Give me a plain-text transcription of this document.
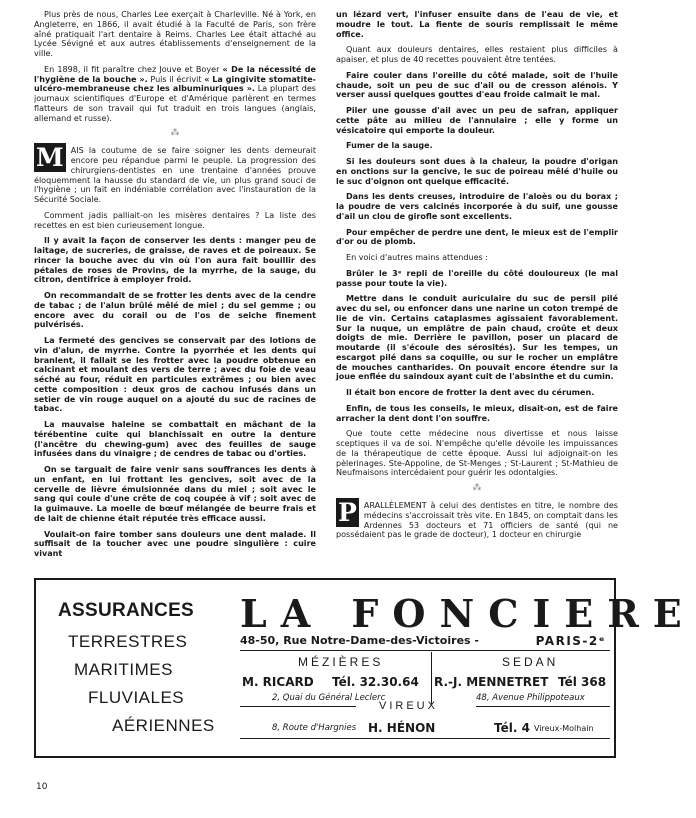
Plus près de nous, Charles Lee exerçait à Charleville. Né à York, en Angleterre, en 1866, il avait étudié à la Faculté de Paris, son frère aîné pratiquait l'art dentaire à Reims. Charles Lee était attaché au Lycée Sévigné et aux autres établissements d'enseignement de la ville.

En 1898, il fit paraître chez Jouve et Boyer « De la nécessité de l'hygiène de la bouche ». Puis il écrivit « La gingivite stomatite-ulcéro-membraneuse chez les albuminuriques ». La plupart des journaux scientifiques d'Europe et d'Amérique parlèrent en termes flatteurs de son travail qui fut traduit en trois langues (anglais, allemand et russe).

⁂

M AIS la coutume de se faire soigner les dents demeurait encore peu répandue parmi le peuple. La progression des chirurgiens-dentistes en une trentaine d'années prouve éloquemment la hausse du standard de vie, un plus grand souci de l'hygiène ; un fait en indéniable corrélation avec l'instauration de la Sécurité Sociale.

Comment jadis palliait-on les misères dentaires ? La liste des recettes en est bien curieusement longue.

Il y avait la façon de conserver les dents : manger peu de laitage, de sucreries, de graisse, de raves et de poireaux. Se rincer la bouche avec du vin où l'on aura fait bouillir des pétales de roses de Provins, de la myrrhe, de la sauge, du citron, dentifrice à employer froid.

On recommandait de se frotter les dents avec de la cendre de tabac ; de l'alun brûlé mêlé de miel ; du sel gemme ; ou encore avec du corail ou de l'os de seiche finement pulvérisés.

La fermeté des gencives se conservait par des lotions de vin d'alun, de myrrhe. Contre la pyorrhée et les dents qui branlent, il fallait se les frotter avec la poudre obtenue en calcinant et moulant des vers de terre ; avec du foie de veau séché au four, réduit en particules extrêmes ; ou bien avec cette composition : deux gros de cachou infusés dans un setier de vin rouge auquel on a ajouté du suc de racines de tabac.

La mauvaise haleine se combattait en mâchant de la térébentine cuite qui blanchissait en outre la denture (l'ancêtre du chewing-gum) avec des feuilles de sauge infusées dans du vinaigre ; de cendres de tabac ou d'orties.

On se targuait de faire venir sans souffrances les dents à un enfant, en lui frottant les gencives, soit avec de la cervelle de lièvre émulsionnée dans du miel ; soit avec le sang qui coule d'une crête de coq coupée à vif ; soit avec de la guimauve. La moelle de bœuf mélangée de beurre frais et de lait de chienne était réputée très efficace aussi.

Voulait-on faire tomber sans douleurs une dent malade. Il suffisait de la toucher avec une poudre singulière : cuire vivant

un lézard vert, l'infuser ensuite dans de l'eau de vie, et moudre le tout. La fiente de souris remplissait le même office.

Quant aux douleurs dentaires, elles restaient plus difficiles à apaiser, et plus de 40 recettes pouvaient être tentées.

Faire couler dans l'oreille du côté malade, soit de l'huile chaude, soit un peu de suc d'ail ou de cresson alénois. Y verser aussi quelques gouttes d'eau froide calmait le mal.

Piler une gousse d'ail avec un peu de safran, appliquer cette pâte au milieu de l'annulaire ; elle y forme un vésicatoire qui emporte la douleur.

Fumer de la sauge.

Si les douleurs sont dues à la chaleur, la poudre d'origan en onctions sur la gencive, le suc de poireau mêlé d'huile ou le suc d'oignon ont quelque efficacité.

Dans les dents creuses, introduire de l'aloès ou du borax ; la poudre de vers calcinés incorporée à du suif, une gousse d'ail un clou de girofle sont excellents.

Pour empêcher de perdre une dent, le mieux est de l'emplir d'or ou de plomb.

En voici d'autres mains attendues :

Brûler le 3ᵉ repli de l'oreille du côté douloureux (le mal passe pour toute la vie).

Mettre dans le conduit auriculaire du suc de persil pilé avec du sel, ou enfoncer dans une narine un coton trempé de lie de vin. Certains cataplasmes agissaient favorablement. Sur la nuque, un emplâtre de pain chaud, croûte et deux doigts de mie. Derrière le pavillon, poser un placard de moutarde (il s'écoule des sérosités). Sur les tempes, un escargot pilé dans sa coquille, ou sur le rocher un emplâtre de mouches cantharides. On pouvait encore étendre sur la joue enflée du saindoux ayant cuit de l'absinthe et du cumin.

Il était bon encore de frotter la dent avec du cérumen.

Enfin, de tous les conseils, le mieux, disait-on, est de faire arracher la dent dont l'on souffre.

Que toute cette médecine nous divertisse et nous laisse sceptiques il va de soi. N'empêche qu'elle dévoile les impuissances de la thérapeutique de cette époque. Aussi lui adjoignait-on les pèlerinages. Ste-Appoline, de St-Menges ; St-Laurent ; St-Mathieu de Neufmaisons intercédaient pour guérir les odontalgies.

⁂

P ARALLÈLEMENT à celui des dentistes en titre, le nombre des médecins s'accroissait très vite. En 1845, on comptait dans les Ardennes 53 docteurs et 71 officiers de santé (qui ne possédaient pas le grade de docteur), 1 docteur en chirurgie

ASSURANCES
TERRESTRES
MARITIMES
FLUVIALES
AÉRIENNES
LA FONCIERE
48-50, Rue Notre-Dame-des-Victoires -	PARIS-2ᵉ
MÉZIÈRES
M. RICARD Tél. 32.30.64
2, Quai du Général Leclerc
SEDAN
R.-J. MENNETRET Tél 368
48, Avenue Philippoteaux
VIREUX
8, Route d'Hargnies H. HÉNON	Tél. 4 Vireux-Molhain
10
